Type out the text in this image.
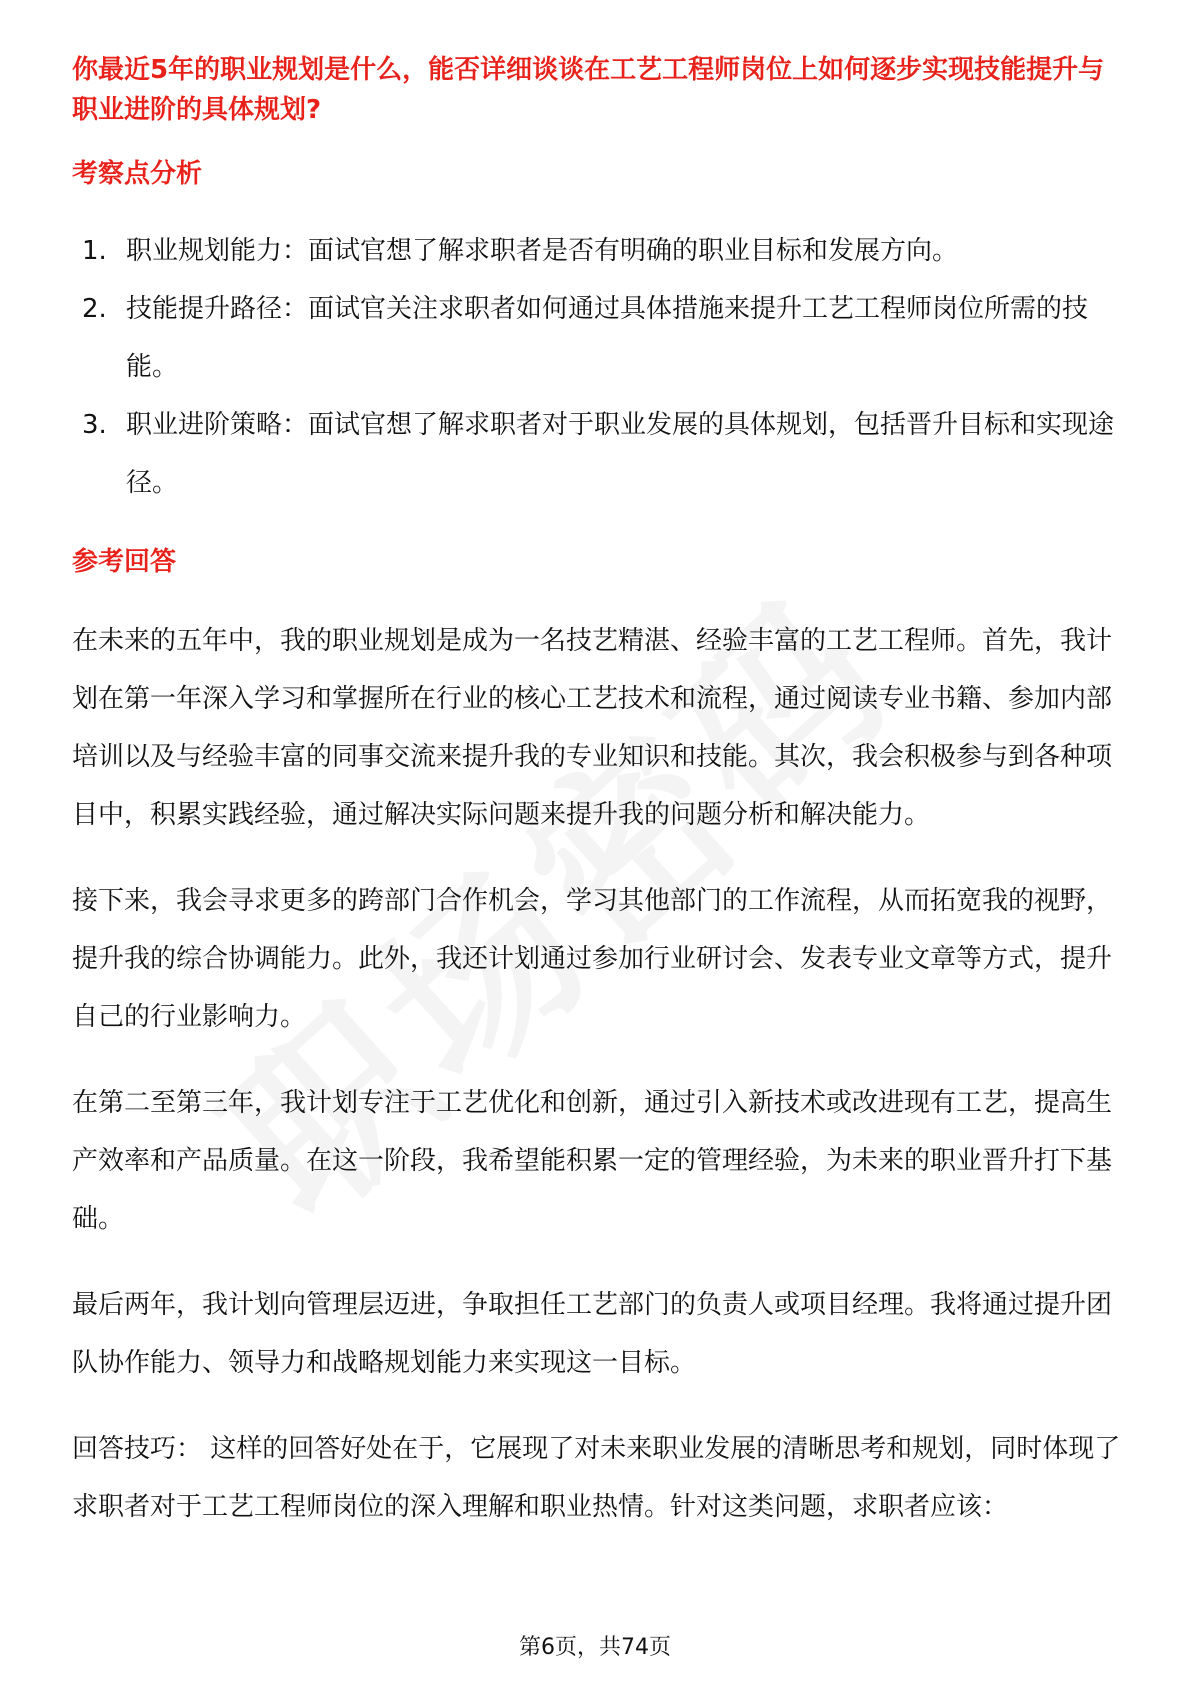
你最近5年的职业规划是什么，能否详细谈谈在工艺工程师岗位上如何逐步实现技能提升与职业进阶的具体规划?

考察点分析

1. 职业规划能力：面试官想了解求职者是否有明确的职业目标和发展方向。
2. 技能提升路径：面试官关注求职者如何通过具体措施来提升工艺工程师岗位所需的技能。
3. 职业进阶策略：面试官想了解求职者对于职业发展的具体规划，包括晋升目标和实现途径。

参考回答

在未来的五年中，我的职业规划是成为一名技艺精湛、经验丰富的工艺工程师。首先，我计划在第一年深入学习和掌握所在行业的核心工艺技术和流程，通过阅读专业书籍、参加内部培训以及与经验丰富的同事交流来提升我的专业知识和技能。其次，我会积极参与到各种项目中，积累实践经验，通过解决实际问题来提升我的问题分析和解决能力。

接下来，我会寻求更多的跨部门合作机会，学习其他部门的工作流程，从而拓宽我的视野，提升我的综合协调能力。此外，我还计划通过参加行业研讨会、发表专业文章等方式，提升自己的行业影响力。

在第二至第三年，我计划专注于工艺优化和创新，通过引入新技术或改进现有工艺，提高生产效率和产品质量。在这一阶段，我希望能积累一定的管理经验，为未来的职业晋升打下基础。

最后两年，我计划向管理层迈进，争取担任工艺部门的负责人或项目经理。我将通过提升团队协作能力、领导力和战略规划能力来实现这一目标。

回答技巧： 这样的回答好处在于，它展现了对未来职业发展的清晰思考和规划，同时体现了求职者对于工艺工程师岗位的深入理解和职业热情。针对这类问题，求职者应该：

第6页，共74页
